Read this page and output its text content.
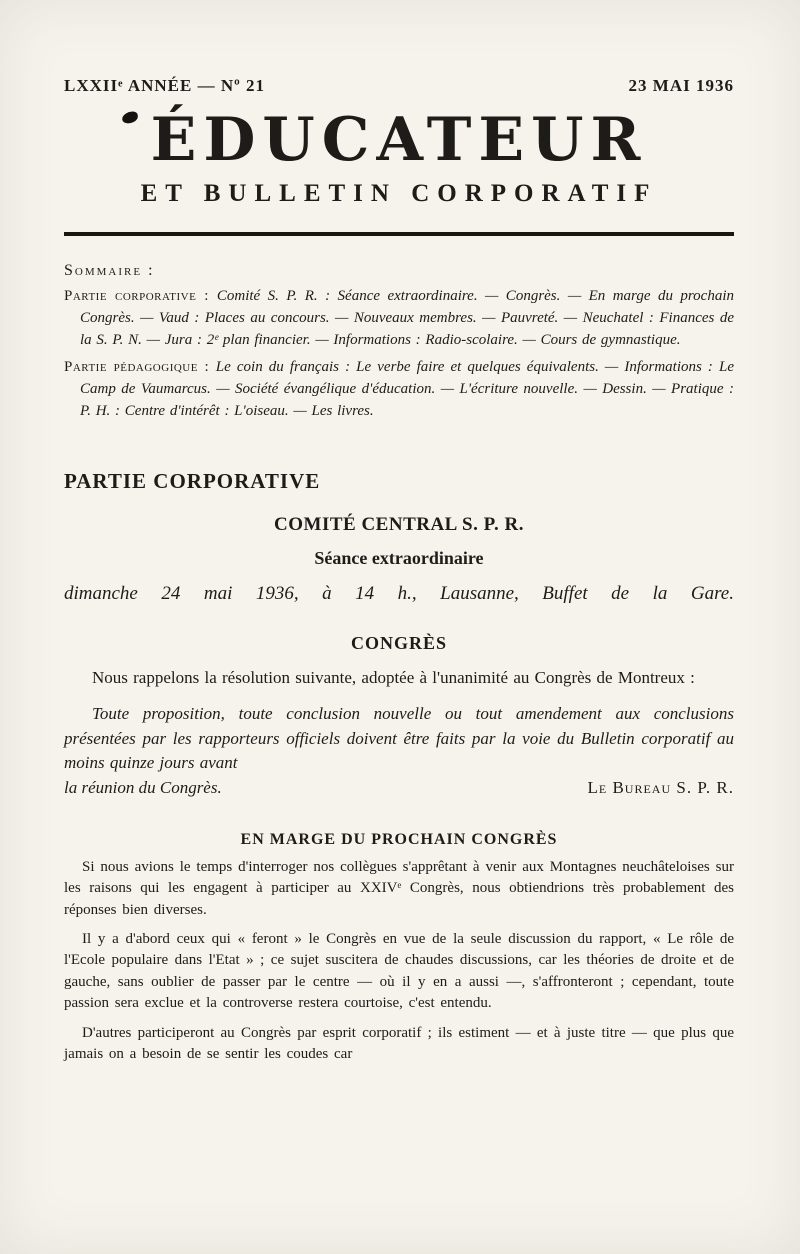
LXXIIᵉ ANNÉE — Nº 21	23 MAI 1936
ÉDUCATEUR
ET BULLETIN CORPORATIF
Sommaire :

Partie corporative : Comité S. P. R. : Séance extraordinaire. — Congrès. — En marge du prochain Congrès. — Vaud : Places au concours. — Nouveaux membres. — Pauvreté. — Neuchatel : Finances de la S. P. N. — Jura : 2ᵉ plan financier. — Informations : Radio-scolaire. — Cours de gymnastique.

Partie pédagogique : Le coin du français : Le verbe faire et quelques équivalents. — Informations : Le Camp de Vaumarcus. — Société évangélique d'éducation. — L'écriture nouvelle. — Dessin. — Pratique : P. H. : Centre d'intérêt : L'oiseau. — Les livres.

PARTIE CORPORATIVE
COMITÉ CENTRAL S. P. R.
Séance extraordinaire

dimanche 24 mai 1936, à 14 h., Lausanne, Buffet de la Gare.

CONGRÈS

Nous rappelons la résolution suivante, adoptée à l'unanimité au Congrès de Montreux :

Toute proposition, toute conclusion nouvelle ou tout amendement aux conclusions présentées par les rapporteurs officiels doivent être faits par la voie du Bulletin corporatif au moins quinze jours avant

la réunion du Congrès.	Le Bureau S. P. R.
EN MARGE DU PROCHAIN CONGRÈS

Si nous avions le temps d'interroger nos collègues s'apprêtant à venir aux Montagnes neuchâteloises sur les raisons qui les engagent à participer au XXIVᵉ Congrès, nous obtiendrions très probablement des réponses bien diverses.

Il y a d'abord ceux qui « feront » le Congrès en vue de la seule discussion du rapport, « Le rôle de l'Ecole populaire dans l'Etat » ; ce sujet suscitera de chaudes discussions, car les théories de droite et de gauche, sans oublier de passer par le centre — où il y en a aussi —, s'affronteront ; cependant, toute passion sera exclue et la controverse restera courtoise, c'est entendu.

D'autres participeront au Congrès par esprit corporatif ; ils estiment — et à juste titre — que plus que jamais on a besoin de se sentir les coudes car
